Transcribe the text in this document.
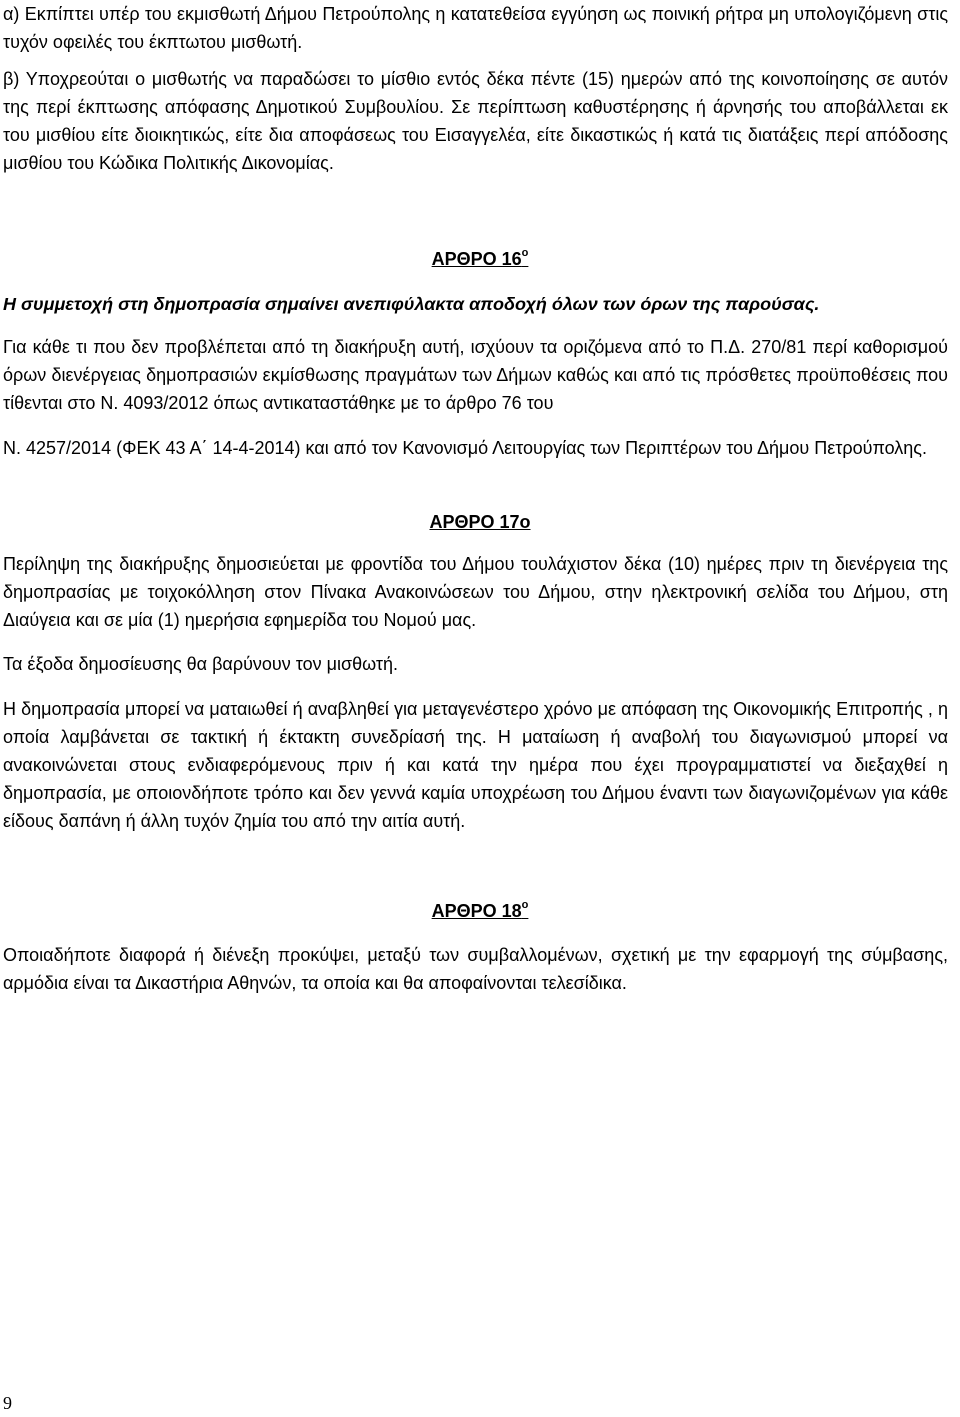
α) Εκπίπτει υπέρ του εκμισθωτή Δήμου Πετρούπολης η κατατεθείσα εγγύηση ως ποινική ρήτρα μη υπολογιζόμενη στις τυχόν οφειλές του έκπτωτου μισθωτή.

β) Υποχρεούται ο μισθωτής να παραδώσει το μίσθιο εντός δέκα πέντε (15) ημερών από της κοινοποίησης σε αυτόν της περί έκπτωσης απόφασης Δημοτικού Συμβουλίου. Σε περίπτωση καθυστέρησης ή άρνησής του αποβάλλεται εκ του μισθίου είτε διοικητικώς, είτε δια αποφάσεως του Εισαγγελέα, είτε δικαστικώς ή κατά τις διατάξεις περί απόδοσης μισθίου του Κώδικα Πολιτικής Δικονομίας.

ΑΡΘΡΟ $16^o$

Η συμμετοχή στη δημοπρασία σημαίνει ανεπιφύλακτα αποδοχή όλων των όρων της παρούσας.

Για κάθε τι που δεν προβλέπεται από τη διακήρυξη αυτή, ισχύουν τα οριζόμενα από το Π.Δ. 270/81 περί καθορισμού όρων διενέργειας δημοπρασιών εκμίσθωσης πραγμάτων των Δήμων καθώς και από τις πρόσθετες προϋποθέσεις που τίθενται στο Ν. 4093/2012 όπως αντικαταστάθηκε με το άρθρο 76 του

Ν. 4257/2014 (ΦΕΚ 43 Α΄ 14-4-2014) και από τον Κανονισμό Λειτουργίας των Περιπτέρων του Δήμου Πετρούπολης.

ΑΡΘΡΟ 17ο

Περίληψη της διακήρυξης δημοσιεύεται με φροντίδα του Δήμου τουλάχιστον δέκα (10) ημέρες πριν τη διενέργεια της δημοπρασίας με τοιχοκόλληση στον Πίνακα Ανακοινώσεων του Δήμου, στην ηλεκτρονική σελίδα του Δήμου, στη Διαύγεια και σε μία (1) ημερήσια εφημερίδα του Νομού μας.

Τα έξοδα δημοσίευσης θα βαρύνουν τον μισθωτή.

Η δημοπρασία μπορεί να ματαιωθεί ή αναβληθεί για μεταγενέστερο χρόνο με απόφαση της Οικονομικής Επιτροπής , η οποία λαμβάνεται σε τακτική ή έκτακτη συνεδρίασή της. Η ματαίωση ή αναβολή του διαγωνισμού μπορεί να ανακοινώνεται στους ενδιαφερόμενους πριν ή και κατά την ημέρα που έχει προγραμματιστεί να διεξαχθεί η δημοπρασία, με οποιονδήποτε τρόπο και δεν γεννά καμία υποχρέωση του Δήμου έναντι των διαγωνιζομένων για κάθε είδους δαπάνη ή άλλη τυχόν ζημία του από την αιτία αυτή.

ΑΡΘΡΟ $18^o$

Οποιαδήποτε διαφορά ή διένεξη προκύψει, μεταξύ των συμβαλλομένων, σχετική με την εφαρμογή της σύμβασης, αρμόδια είναι τα Δικαστήρια Αθηνών, τα οποία και θα αποφαίνονται τελεσίδικα.

9
